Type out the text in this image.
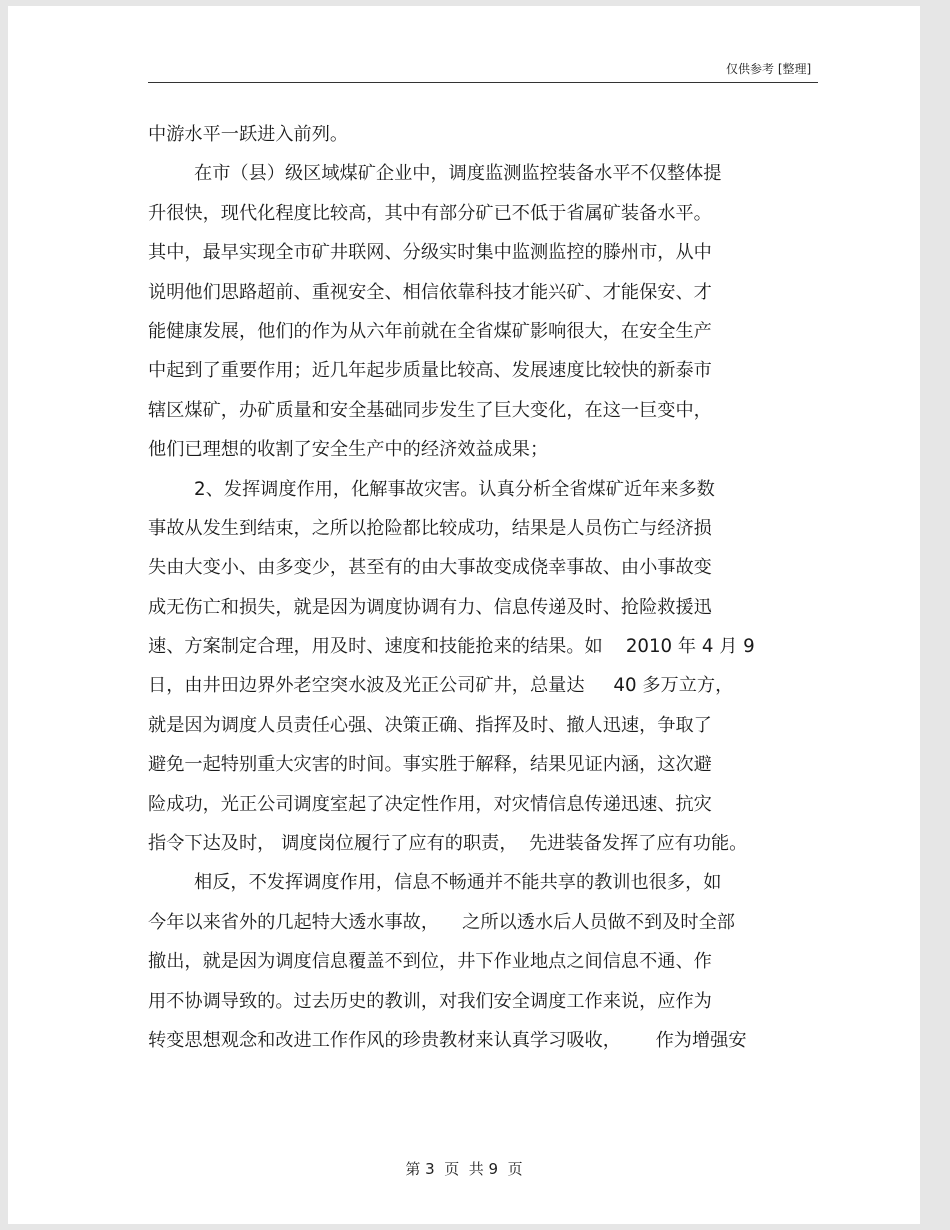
仅供参考 [整理]
中游水平一跃进入前列。
在市（县）级区域煤矿企业中，调度监测监控装备水平不仅整体提
升很快，现代化程度比较高，其中有部分矿已不低于省属矿装备水平。
其中，最早实现全市矿井联网、分级实时集中监测监控的滕州市，从中
说明他们思路超前、重视安全、相信依靠科技才能兴矿、才能保安、才
能健康发展，他们的作为从六年前就在全省煤矿影响很大，在安全生产
中起到了重要作用；近几年起步质量比较高、发展速度比较快的新泰市
辖区煤矿，办矿质量和安全基础同步发生了巨大变化，在这一巨变中，
他们已理想的收割了安全生产中的经济效益成果；
2、发挥调度作用，化解事故灾害。认真分析全省煤矿近年来多数
事故从发生到结束，之所以抢险都比较成功，结果是人员伤亡与经济损
失由大变小、由多变少，甚至有的由大事故变成侥幸事故、由小事故变
成无伤亡和损失，就是因为调度协调有力、信息传递及时、抢险救援迅
速、方案制定合理，用及时、速度和技能抢来的结果。如    2010 年 4 月 9
日，由井田边界外老空突水波及光正公司矿井，总量达     40 多万立方，
就是因为调度人员责任心强、决策正确、指挥及时、撤人迅速，争取了
避免一起特别重大灾害的时间。事实胜于解释，结果见证内涵，这次避
险成功，光正公司调度室起了决定性作用，对灾情信息传递迅速、抗灾
指令下达及时， 调度岗位履行了应有的职责，  先进装备发挥了应有功能。
相反，不发挥调度作用，信息不畅通并不能共享的教训也很多，如
今年以来省外的几起特大透水事故，    之所以透水后人员做不到及时全部
撤出，就是因为调度信息覆盖不到位，井下作业地点之间信息不通、作
用不协调导致的。过去历史的教训，对我们安全调度工作来说，应作为
转变思想观念和改进工作作风的珍贵教材来认真学习吸收，      作为增强安
第 3  页  共 9  页
